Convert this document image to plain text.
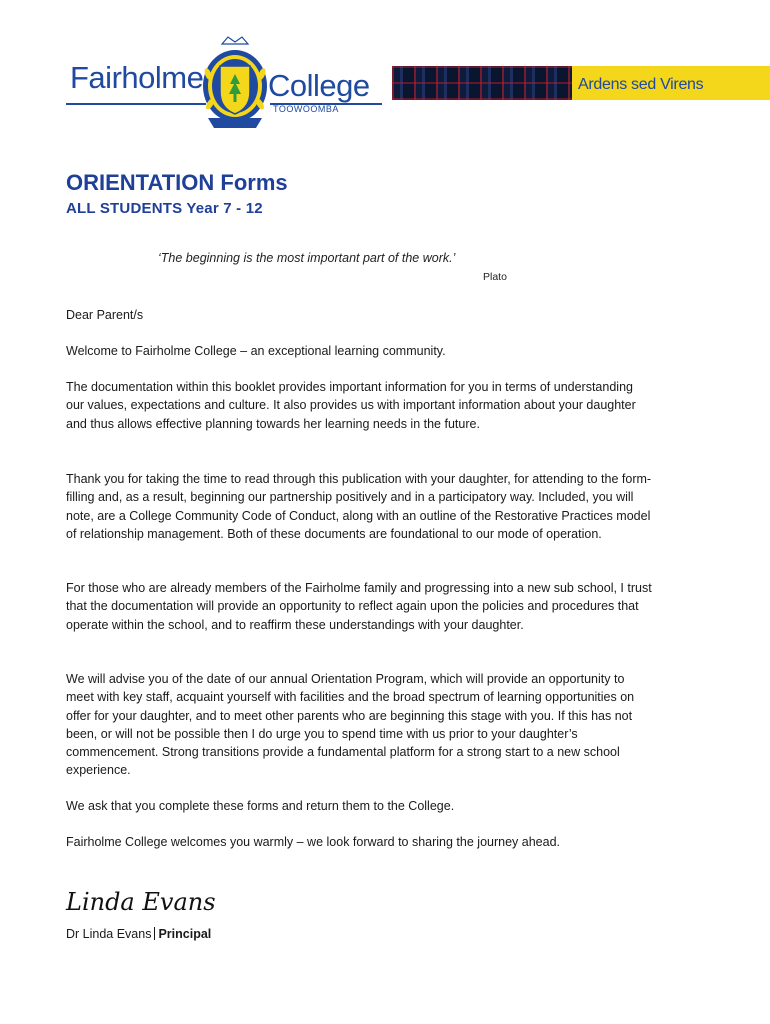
Fairholme College
TOOWOOMBA
Ardens sed Virens
ORIENTATION Forms
ALL STUDENTS Year 7 - 12
‘The beginning is the most important part of the work.’
Plato

Dear Parent/s

Welcome to Fairholme College – an exceptional learning community.

The documentation within this booklet provides important information for you in terms of understanding our values, expectations and culture. It also provides us with important information about your daughter and thus allows effective planning towards her learning needs in the future.

Thank you for taking the time to read through this publication with your daughter, for attending to the form-filling and, as a result, beginning our partnership positively and in a participatory way. Included, you will note, are a College Community Code of Conduct, along with an outline of the Restorative Practices model of relationship management. Both of these documents are foundational to our mode of operation.

For those who are already members of the Fairholme family and progressing into a new sub school, I trust that the documentation will provide an opportunity to reflect again upon the policies and procedures that operate within the school, and to reaffirm these understandings with your daughter.

We will advise you of the date of our annual Orientation Program, which will provide an opportunity to meet with key staff, acquaint yourself with facilities and the broad spectrum of learning opportunities on offer for your daughter, and to meet other parents who are beginning this stage with you. If this has not been, or will not be possible then I do urge you to spend time with us prior to your daughter’s commencement. Strong transitions provide a fundamental platform for a strong start to a new school experience.

We ask that you complete these forms and return them to the College.

Fairholme College welcomes you warmly – we look forward to sharing the journey ahead.

Linda Evans
Dr Linda Evans Principal
